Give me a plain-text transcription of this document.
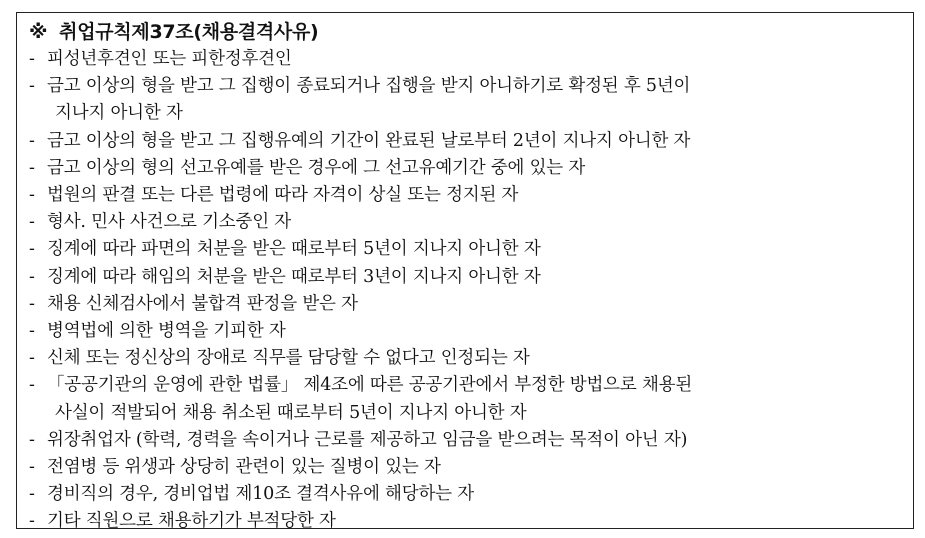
※ 취업규칙제37조(채용결격사유)
- 피성년후견인 또는 피한정후견인
- 금고 이상의 형을 받고 그 집행이 종료되거나 집행을 받지 아니하기로 확정된 후 5년이
지나지 아니한 자
- 금고 이상의 형을 받고 그 집행유예의 기간이 완료된 날로부터 2년이 지나지 아니한 자
- 금고 이상의 형의 선고유예를 받은 경우에 그 선고유예기간 중에 있는 자
- 법원의 판결 또는 다른 법령에 따라 자격이 상실 또는 정지된 자
- 형사. 민사 사건으로 기소중인 자
- 징계에 따라 파면의 처분을 받은 때로부터 5년이 지나지 아니한 자
- 징계에 따라 해임의 처분을 받은 때로부터 3년이 지나지 아니한 자
- 채용 신체검사에서 불합격 판정을 받은 자
- 병역법에 의한 병역을 기피한 자
- 신체 또는 정신상의 장애로 직무를 담당할 수 없다고 인정되는 자
- 「공공기관의 운영에 관한 법률」 제4조에 따른 공공기관에서 부정한 방법으로 채용된
사실이 적발되어 채용 취소된 때로부터 5년이 지나지 아니한 자
- 위장취업자 (학력, 경력을 속이거나 근로를 제공하고 임금을 받으려는 목적이 아닌 자)
- 전염병 등 위생과 상당히 관련이 있는 질병이 있는 자
- 경비직의 경우, 경비업법 제10조 결격사유에 해당하는 자
- 기타 직원으로 채용하기가 부적당한 자
